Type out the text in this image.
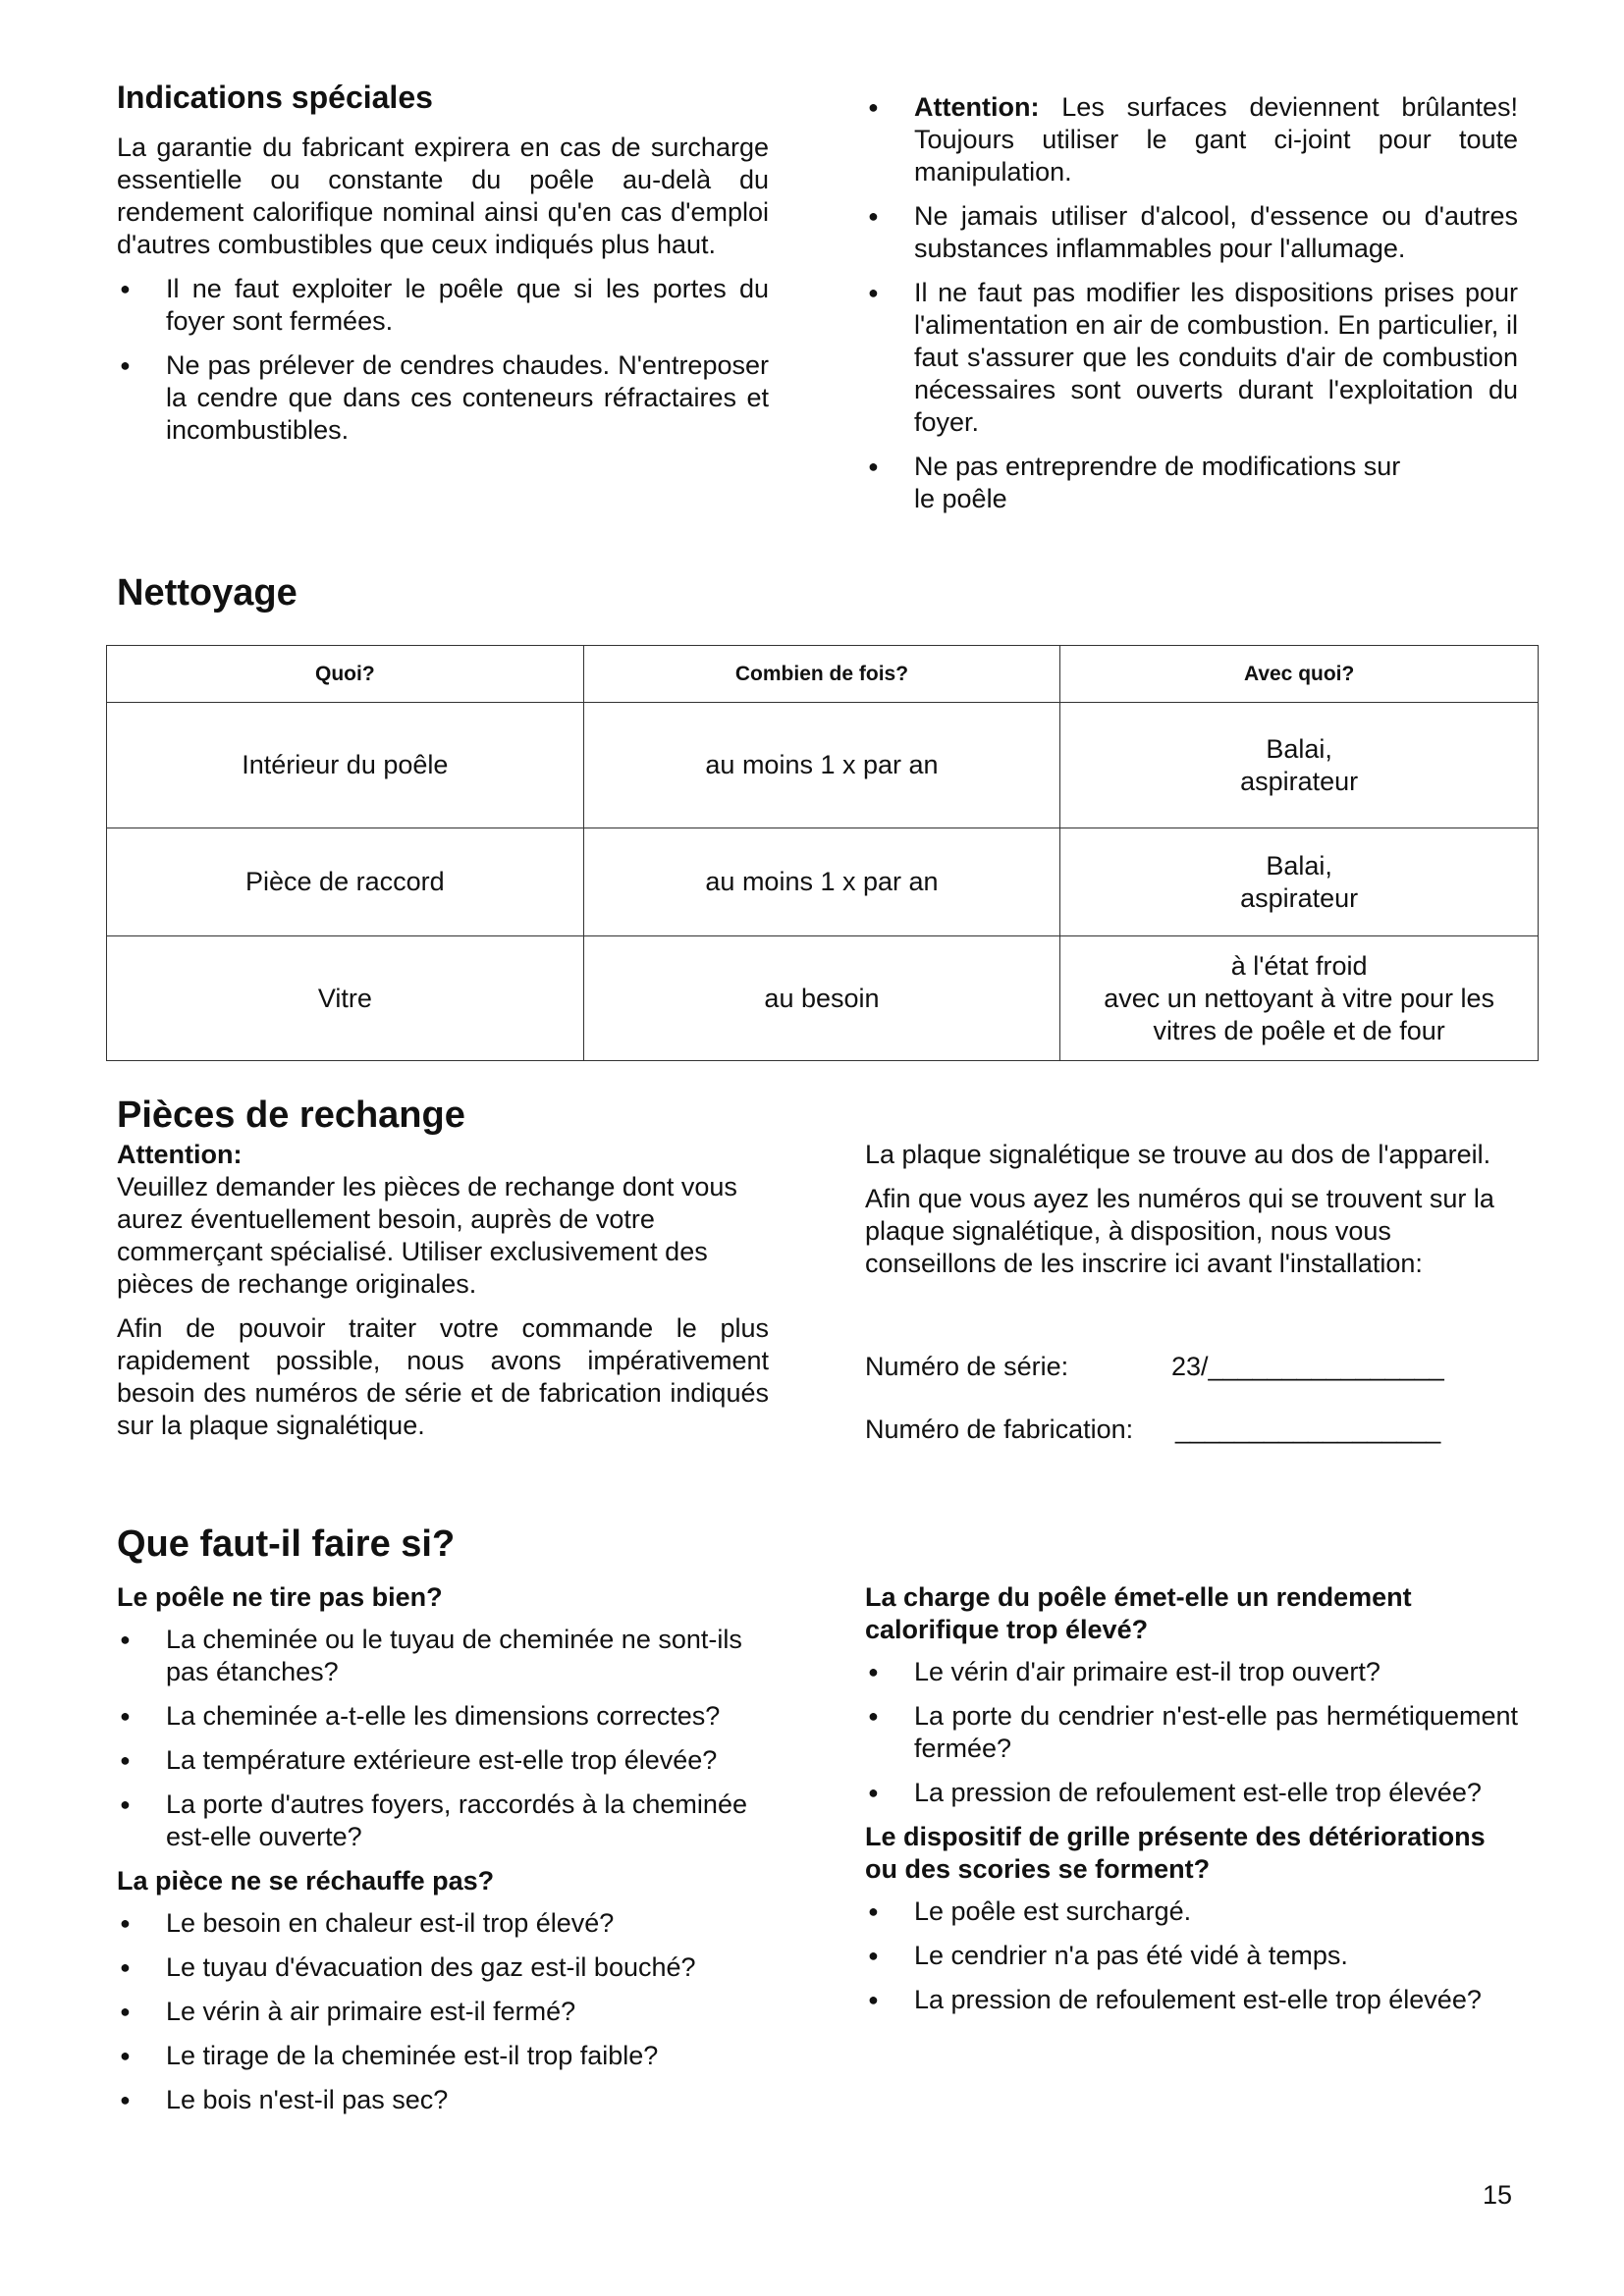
Indications spéciales

La garantie du fabricant expirera en cas de surcharge essentielle ou constante du poêle au-delà du rendement calorifique nominal ainsi qu'en cas d'emploi d'autres combustibles que ceux indiqués plus haut.

● Il ne faut exploiter le poêle que si les portes du foyer sont fermées.
● Ne pas prélever de cendres chaudes. N'entreposer la cendre que dans ces conteneurs réfractaires et incombustibles.
● Attention: Les surfaces deviennent brûlantes! Toujours utiliser le gant ci-joint pour toute manipulation.
● Ne jamais utiliser d'alcool, d'essence ou d'autres substances inflammables pour l'allumage.
● Il ne faut pas modifier les dispositions prises pour l'alimentation en air de combustion. En particulier, il faut s'assurer que les conduits d'air de combustion nécessaires sont ouverts durant l'exploitation du foyer.
● Ne pas entreprendre de modifications sur le poêle
Nettoyage
Quoi?	Combien de fois?	Avec quoi?
Intérieur du poêle	au moins 1 x par an	Balai,
aspirateur

Pièce de raccord	au moins 1 x par an	Balai,
aspirateur

Vitre	au besoin	à l'état froid
avec un nettoyant à vitre pour les
vitres de poêle et de four
Pièces de rechange
Attention:

Veuillez demander les pièces de rechange dont vous aurez éventuellement besoin, auprès de votre commerçant spécialisé. Utiliser exclusivement des pièces de rechange originales.

Afin de pouvoir traiter votre commande le plus rapidement possible, nous avons impérativement besoin des numéros de série et de fabrication indiqués sur la plaque signalétique.

La plaque signalétique se trouve au dos de l'appareil.

Afin que vous ayez les numéros qui se trouvent sur la plaque signalétique, à disposition, nous vous conseillons de les inscrire ici avant l'installation:

Numéro de série:	23/________________
Numéro de fabrication:	__________________
Que faut-il faire si?
Le poêle ne tire pas bien?
● La cheminée ou le tuyau de cheminée ne sont-ils pas étanches?
● La cheminée a-t-elle les dimensions correctes?
● La température extérieure est-elle trop élevée?
● La porte d'autres foyers, raccordés à la cheminée est-elle ouverte?
La pièce ne se réchauffe pas?
● Le besoin en chaleur est-il trop élevé?
● Le tuyau d'évacuation des gaz est-il bouché?
● Le vérin à air primaire est-il fermé?
● Le tirage de la cheminée est-il trop faible?
● Le bois n'est-il pas sec?
La charge du poêle émet-elle un rendement calorifique trop élevé?
● Le vérin d'air primaire est-il trop ouvert?
● La porte du cendrier n'est-elle pas hermétiquement fermée?
● La pression de refoulement est-elle trop élevée?
Le dispositif de grille présente des détériorations ou des scories se forment?
● Le poêle est surchargé.
● Le cendrier n'a pas été vidé à temps.
● La pression de refoulement est-elle trop élevée?
15
